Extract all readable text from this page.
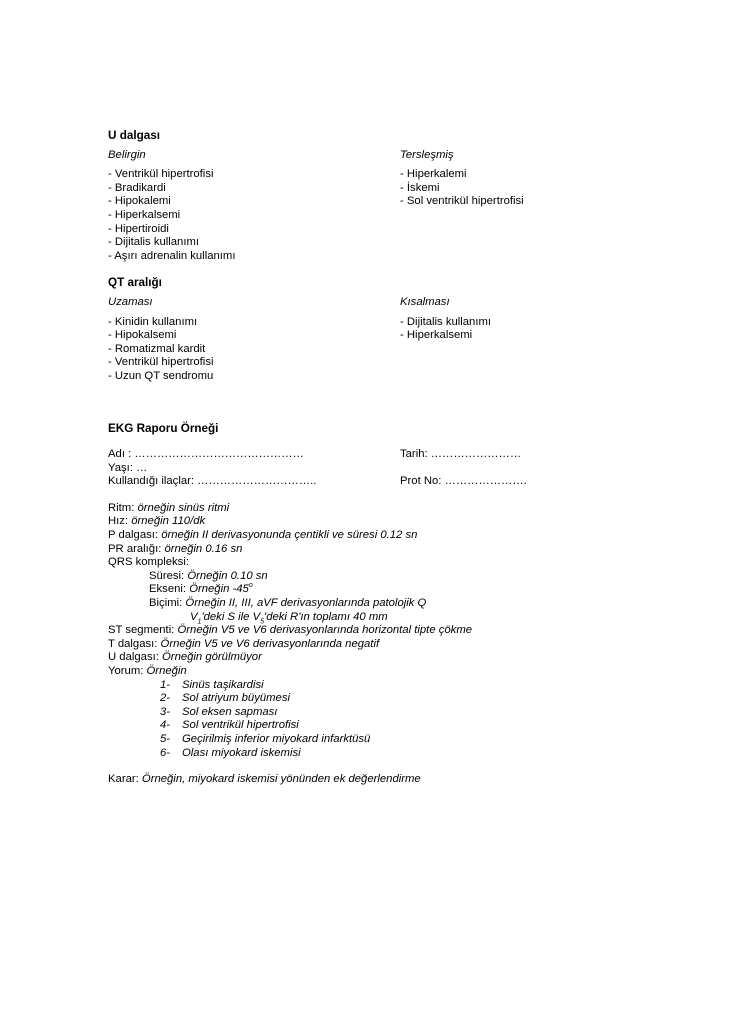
U dalgası
Belirgin
- Ventrikül hipertrofisi
- Bradikardi
- Hipokalemi
- Hiperkalsemi
- Hipertiroidi
- Dijitalis kullanımı
- Aşırı adrenalin kullanımı
Tersleşmiş
- Hiperkalemi
- İskemi
- Sol ventrikül hipertrofisi
QT aralığı
Uzaması
- Kinidin kullanımı
- Hipokalsemi
- Romatizmal kardit
- Ventrikül hipertrofisi
- Uzun QT sendromu
Kısalması
- Dijitalis kullanımı
- Hiperkalsemi
EKG Raporu Örneği
Adı : ………………………………………
Yaşı: …
Kullandığı ilaçlar: …………………………..
Tarih: ……………………

Prot No: ………………….
Ritm: örneğin sinüs ritmi
Hız: örneğin 110/dk
P dalgası: örneğin II derivasyonunda çentikli ve süresi 0.12 sn
PR aralığı: örneğin 0.16 sn
QRS kompleksi:
Süresi: Örneğin 0.10 sn
Ekseni: Örneğin -45$^o$
Biçimi: Örneğin II, III, aVF derivasyonlarında patolojik Q
$V_1'deki$ S ile $V_5'deki$ R'ın toplamı 40 mm
ST segmenti: Örneğin V5 ve V6 derivasyonlarında horizontal tipte çökme
T dalgası: Örneğin V5 ve V6 derivasyonlarında negatif
U dalgası: Örneğin görülmüyor
Yorum: Örneğin
1- Sinüs taşikardisi
2- Sol atriyum büyümesi
3- Sol eksen sapması
4- Sol ventrikül hipertrofisi
5- Geçirilmiş inferior miyokard infarktüsü
6- Olası miyokard iskemisi
Karar: Örneğin, miyokard iskemisi yönünden ek değerlendirme
